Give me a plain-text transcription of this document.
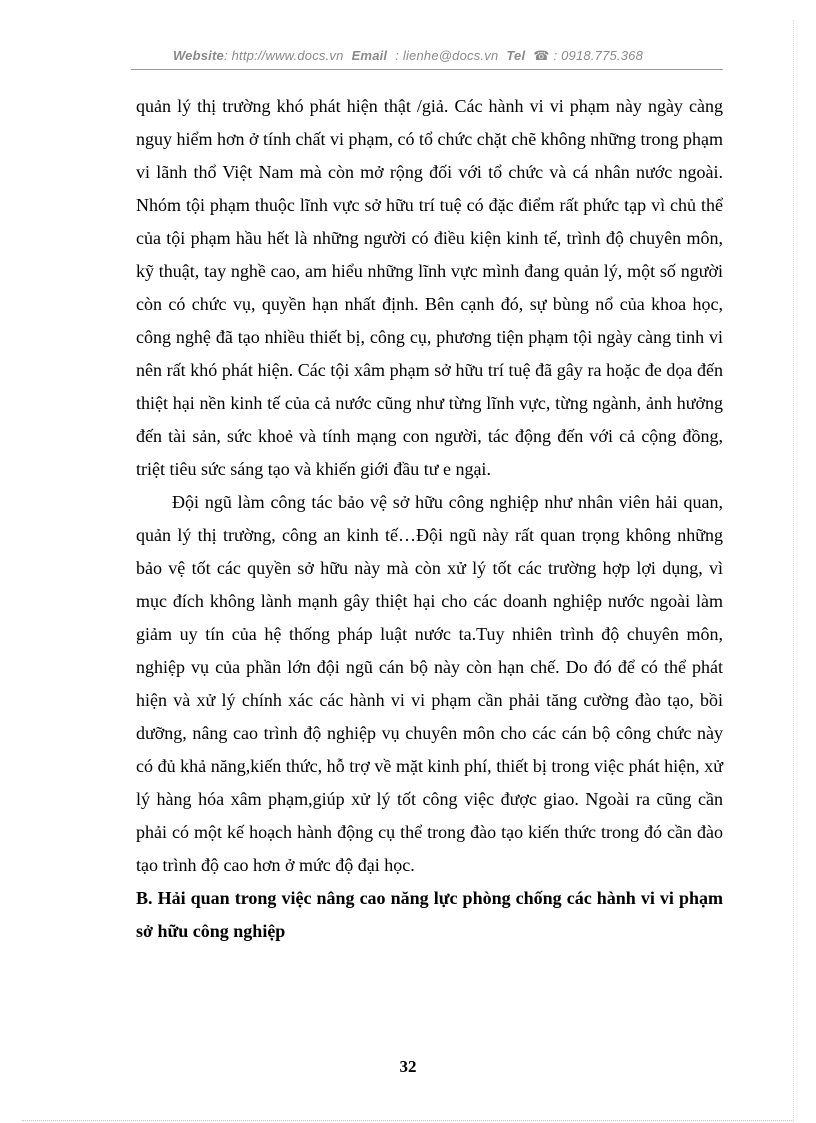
Website: http://www.docs.vn Email : lienhe@docs.vn Tel ☎ : 0918.775.368

quản lý thị trường khó phát hiện thật /giả. Các hành vi vi phạm này ngày càng nguy hiểm hơn ở tính chất vi phạm, có tổ chức chặt chẽ không những trong phạm vi lãnh thổ Việt Nam mà còn mở rộng đối với tổ chức và cá nhân nước ngoài. Nhóm tội phạm thuộc lĩnh vực sở hữu trí tuệ có đặc điểm rất phức tạp vì chủ thể của tội phạm hầu hết là những người có điều kiện kinh tế, trình độ chuyên môn, kỹ thuật, tay nghề cao, am hiểu những lĩnh vực mình đang quản lý, một số người còn có chức vụ, quyền hạn nhất định. Bên cạnh đó, sự bùng nổ của khoa học, công nghệ đã tạo nhiều thiết bị, công cụ, phương tiện phạm tội ngày càng tinh vi nên rất khó phát hiện. Các tội xâm phạm sở hữu trí tuệ đã gây ra hoặc đe dọa đến thiệt hại nền kinh tế của cả nước cũng như từng lĩnh vực, từng ngành, ảnh hưởng đến tài sản, sức khoẻ và tính mạng con người, tác động đến với cả cộng đồng, triệt tiêu sức sáng tạo và khiến giới đầu tư e ngại.

Đội ngũ làm công tác bảo vệ sở hữu công nghiệp như nhân viên hải quan, quản lý thị trường, công an kinh tế…Đội ngũ này rất quan trọng không những bảo vệ tốt các quyền sở hữu này mà còn xử lý tốt các trường hợp lợi dụng, vì mục đích không lành mạnh gây thiệt hại cho các doanh nghiệp nước ngoài làm giảm uy tín của hệ thống pháp luật nước ta.Tuy nhiên trình độ chuyên môn, nghiệp vụ của phần lớn đội ngũ cán bộ này còn hạn chế. Do đó để có thể phát hiện và xử lý chính xác các hành vi vi phạm cần phải tăng cường đào tạo, bồi dưỡng, nâng cao trình độ nghiệp vụ chuyên môn cho các cán bộ công chức này có đủ khả năng,kiến thức, hỗ trợ về mặt kinh phí, thiết bị trong việc phát hiện, xử lý hàng hóa xâm phạm,giúp xử lý tốt công việc được giao. Ngoài ra cũng cần phải có một kế hoạch hành động cụ thể trong đào tạo kiến thức trong đó cần đào tạo trình độ cao hơn ở mức độ đại học.

B. Hải quan trong việc nâng cao năng lực phòng chống các hành vi vi phạm sở hữu công nghiệp

32
